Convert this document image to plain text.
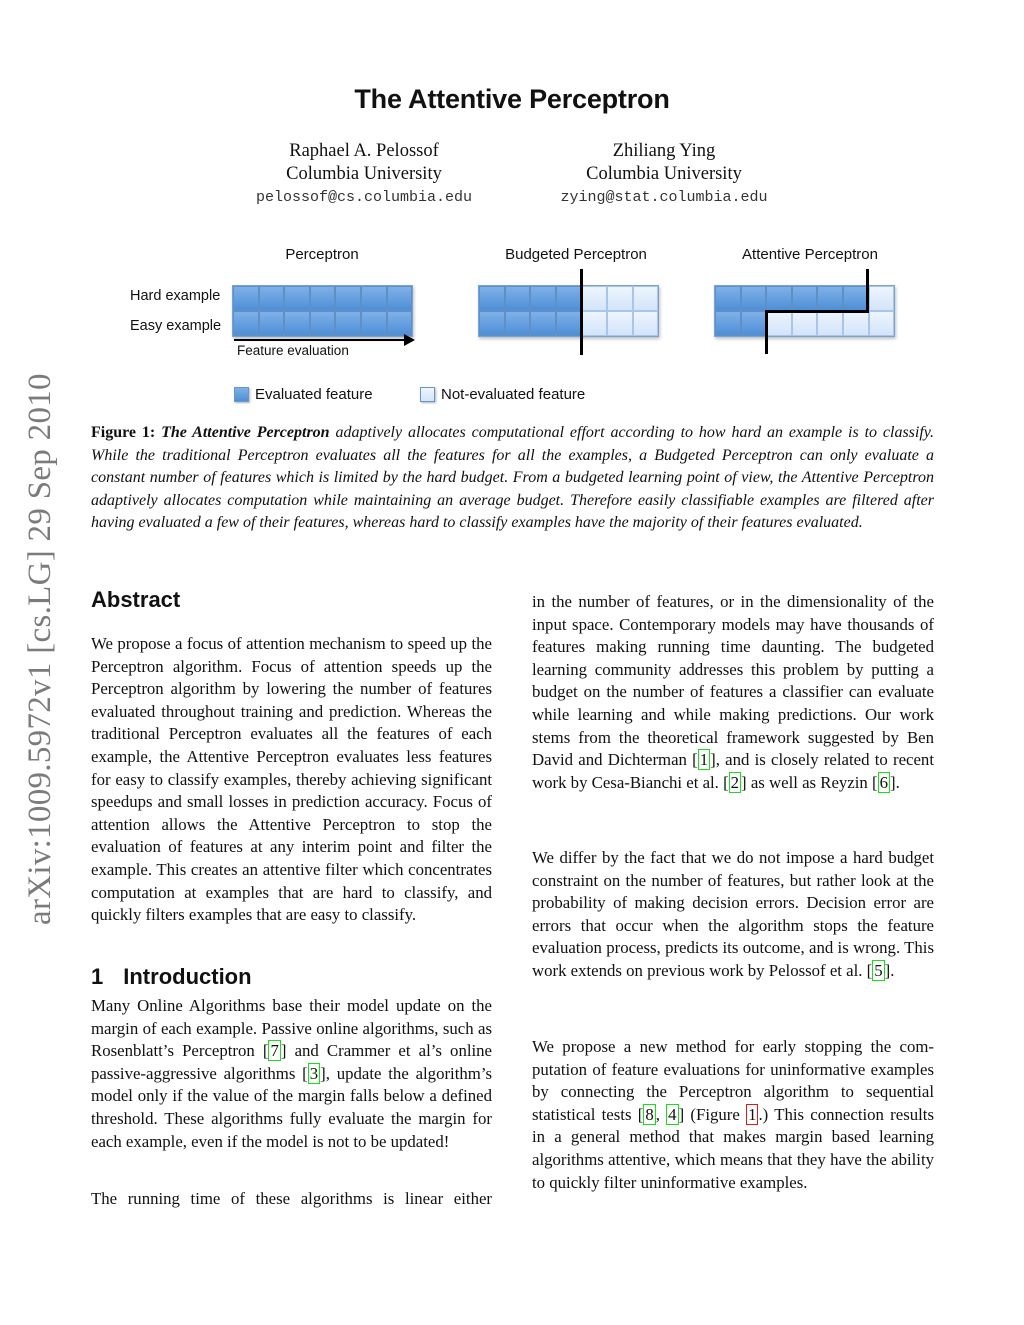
arXiv:1009.5972v1 [cs.LG] 29 Sep 2010
The Attentive Perceptron
Raphael A. Pelossof
Columbia University
pelossof@cs.columbia.edu
Zhiliang Ying
Columbia University
zying@stat.columbia.edu
Hard example
Easy example
Perceptron	Budgeted Perceptron	Attentive Perceptron
Feature evaluation
Evaluated feature	Not-evaluated feature
Figure 1: The Attentive Perceptron adaptively allocates computational effort according to how hard an example is to classify. While the traditional Perceptron evaluates all the features for all the examples, a Budgeted Perceptron can only evaluate a constant number of features which is limited by the hard budget. From a budgeted learning point of view, the Attentive Perceptron adaptively allocates computation while maintaining an average budget. Therefore easily classifiable examples are filtered after having evaluated a few of their features, whereas hard to classify examples have the majority of their features evaluated.
Abstract

We propose a focus of attention mechanism to speed up the Perceptron algorithm. Focus of attention speeds up the Perceptron algorithm by lowering the number of features evaluated throughout training and prediction. Whereas the traditional Perceptron evaluates all the features of each example, the Attentive Perceptron evaluates less features for easy to classify examples, thereby achieving significant speedups and small losses in prediction accuracy. Focus of attention allows the Attentive Perceptron to stop the evaluation of features at any interim point and filter the example. This creates an attentive filter which concentrates computation at examples that are hard to classify, and quickly filters examples that are easy to classify.

1 Introduction

Many Online Algorithms base their model update on the margin of each example. Passive online algorithms, such as Rosenblatt’s Perceptron [ 7 ] and Crammer et al’s online passive-aggressive algorithms [ 3 ], update the algorithm’s model only if the value of the margin falls below a defined threshold. These algorithms fully evaluate the margin for each example, even if the model is not to be updated!

The running time of these algorithms is linear either

in the number of features, or in the dimensionality of the input space. Contemporary models may have thousands of features making running time daunting. The budgeted learning community addresses this problem by putting a budget on the number of features a classifier can evaluate while learning and while making predictions. Our work stems from the theoretical framework suggested by Ben David and Dichterman [ 1 ], and is closely related to recent work by Cesa-Bianchi et al. [ 2 ] as well as Reyzin [ 6 ].

We differ by the fact that we do not impose a hard budget constraint on the number of features, but rather look at the probability of making decision errors. Decision error are errors that occur when the algorithm stops the feature evaluation process, predicts its outcome, and is wrong. This work extends on previous work by Pelossof et al. [ 5 ].

We propose a new method for early stopping the computation of feature evaluations for uninformative examples by connecting the Perceptron algorithm to sequential statistical tests [ 8 , 4 ] (Figure 1 .) This connection results in a general method that makes margin based learning algorithms attentive, which means that they have the ability to quickly filter uninformative examples.
